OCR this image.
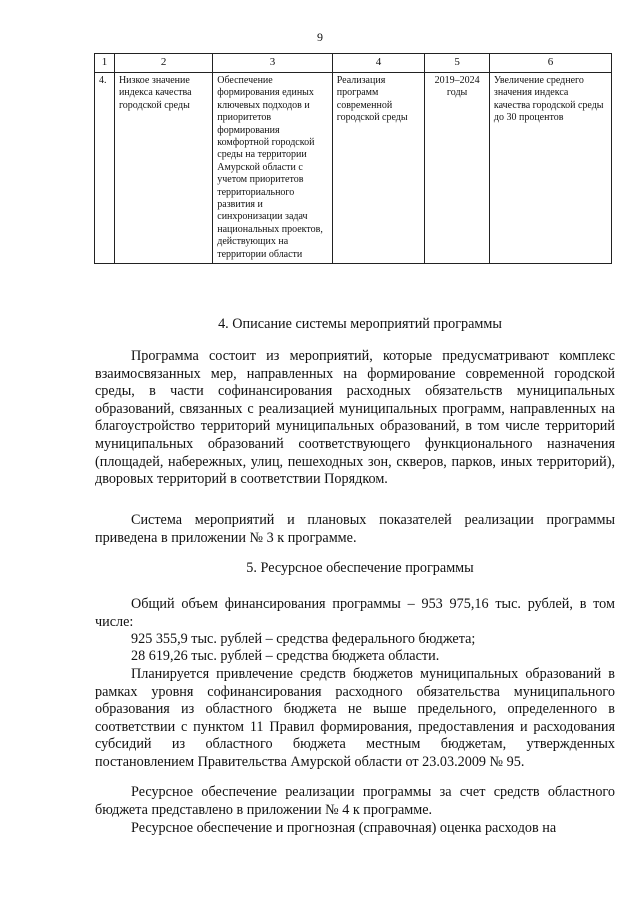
9
1	2	3	4	5	6
4.	Низкое значение индекса качества городской среды	Обеспечение формирования единых ключевых подходов и приоритетов формирования комфортной городской среды на территории Амурской области с учетом приоритетов территориального развития и синхронизации задач национальных проектов, действующих на территории области	Реализация программ современной городской среды	2019–2024 годы	Увеличение среднего значения индекса качества городской среды до 30 процентов
4. Описание системы мероприятий программы
Программа состоит из мероприятий, которые предусматривают комплекс взаимосвязанных мер, направленных на формирование современной городской среды, в части софинансирования расходных обязательств муниципальных образований, связанных с реализацией муниципальных программ, направленных на благоустройство территорий муниципальных образований, в том числе территорий муниципальных образований соответствующего функционального назначения (площадей, набережных, улиц, пешеходных зон, скверов, парков, иных территорий), дворовых территорий в соответствии Порядком.
Система мероприятий и плановых показателей реализации программы приведена в приложении № 3 к программе.
5. Ресурсное обеспечение программы
Общий объем финансирования программы – 953 975,16 тыс. рублей, в том числе:
925 355,9 тыс. рублей – средства федерального бюджета;
28 619,26 тыс. рублей – средства бюджета области.
Планируется привлечение средств бюджетов муниципальных образований в рамках уровня софинансирования расходного обязательства муниципального образования из областного бюджета не выше предельного, определенного в соответствии с пунктом 11 Правил формирования, предоставления и расходования субсидий из областного бюджета местным бюджетам, утвержденных постановлением Правительства Амурской области от 23.03.2009 № 95.
Ресурсное обеспечение реализации программы за счет средств областного бюджета представлено в приложении № 4 к программе.
Ресурсное обеспечение и прогнозная (справочная) оценка расходов на
